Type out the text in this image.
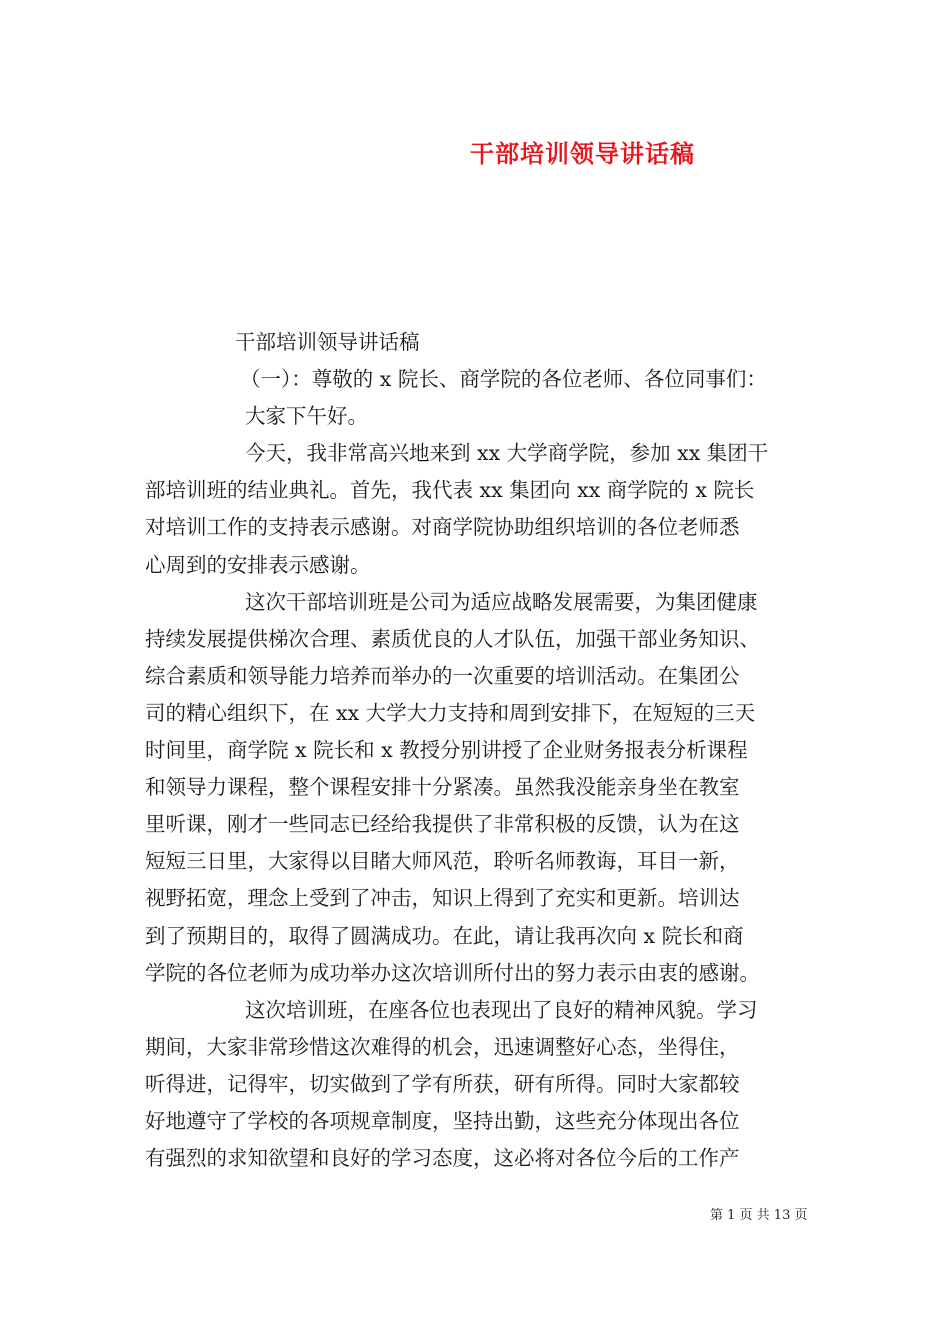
干部培训领导讲话稿
干部培训领导讲话稿
（一）：尊敬的 x 院长、商学院的各位老师、各位同事们：
大家下午好。
今天，我非常高兴地来到 xx 大学商学院，参加 xx 集团干
部培训班的结业典礼。首先，我代表 xx 集团向 xx 商学院的 x 院长
对培训工作的支持表示感谢。对商学院协助组织培训的各位老师悉
心周到的安排表示感谢。
这次干部培训班是公司为适应战略发展需要，为集团健康
持续发展提供梯次合理、素质优良的人才队伍，加强干部业务知识、
综合素质和领导能力培养而举办的一次重要的培训活动。在集团公
司的精心组织下，在 xx 大学大力支持和周到安排下，在短短的三天
时间里，商学院 x 院长和 x 教授分别讲授了企业财务报表分析课程
和领导力课程，整个课程安排十分紧凑。虽然我没能亲身坐在教室
里听课，刚才一些同志已经给我提供了非常积极的反馈，认为在这
短短三日里，大家得以目睹大师风范，聆听名师教诲，耳目一新，
视野拓宽，理念上受到了冲击，知识上得到了充实和更新。培训达
到了预期目的，取得了圆满成功。在此，请让我再次向 x 院长和商
学院的各位老师为成功举办这次培训所付出的努力表示由衷的感谢。
这次培训班，在座各位也表现出了良好的精神风貌。学习
期间，大家非常珍惜这次难得的机会，迅速调整好心态，坐得住，
听得进，记得牢，切实做到了学有所获，研有所得。同时大家都较
好地遵守了学校的各项规章制度，坚持出勤，这些充分体现出各位
有强烈的求知欲望和良好的学习态度，这必将对各位今后的工作产
第 1 页 共 13 页
